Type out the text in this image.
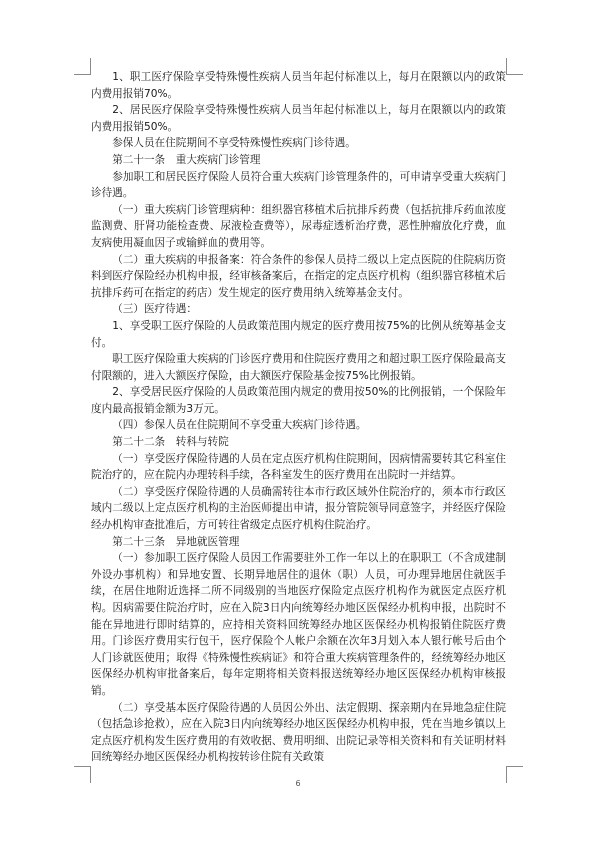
1、职工医疗保险享受特殊慢性疾病人员当年起付标准以上，每月在限额以内的政策内费用报销70%。

2、居民医疗保险享受特殊慢性疾病人员当年起付标准以上，每月在限额以内的政策内费用报销50%。

参保人员在住院期间不享受特殊慢性疾病门诊待遇。

第二十一条　重大疾病门诊管理

参加职工和居民医疗保险人员符合重大疾病门诊管理条件的，可申请享受重大疾病门诊待遇。

（一）重大疾病门诊管理病种：组织器官移植术后抗排斥药费（包括抗排斥药血浓度监测费、肝肾功能检查费、尿液检查费等），尿毒症透析治疗费，恶性肿瘤放化疗费，血友病使用凝血因子或输鲜血的费用等。

（二）重大疾病的申报备案：符合条件的参保人员持二级以上定点医院的住院病历资料到医疗保险经办机构申报，经审核备案后，在指定的定点医疗机构（组织器官移植术后抗排斥药可在指定的药店）发生规定的医疗费用纳入统筹基金支付。

（三）医疗待遇：

1、享受职工医疗保险的人员政策范围内规定的医疗费用按75%的比例从统筹基金支付。

职工医疗保险重大疾病的门诊医疗费用和住院医疗费用之和超过职工医疗保险最高支付限额的，进入大额医疗保险，由大额医疗保险基金按75%比例报销。

2、享受居民医疗保险的人员政策范围内规定的费用按50%的比例报销，一个保险年度内最高报销金额为3万元。

（四）参保人员在住院期间不享受重大疾病门诊待遇。

第二十二条　转科与转院

（一）享受医疗保险待遇的人员在定点医疗机构住院期间，因病情需要转其它科室住院治疗的，应在院内办理转科手续，各科室发生的医疗费用在出院时一并结算。

（二）享受医疗保险待遇的人员确需转往本市行政区域外住院治疗的，须本市行政区域内二级以上定点医疗机构的主治医师提出申请，报分管院领导同意签字，并经医疗保险经办机构审查批准后，方可转往省级定点医疗机构住院治疗。

第二十三条　异地就医管理

（一）参加职工医疗保险人员因工作需要驻外工作一年以上的在职职工（不含成建制外设办事机构）和异地安置、长期异地居住的退休（职）人员，可办理异地居住就医手续，在居住地附近选择二所不同级别的当地医疗保险定点医疗机构作为就医定点医疗机构。因病需要住院治疗时，应在入院3日内向统筹经办地区医保经办机构申报，出院时不能在异地进行即时结算的，应持相关资料回统筹经办地区医保经办机构报销住院医疗费用。门诊医疗费用实行包干，医疗保险个人帐户余额在次年3月划入本人银行帐号后由个人门诊就医使用；取得《特殊慢性疾病证》和符合重大疾病管理条件的，经统筹经办地区医保经办机构审批备案后，每年定期将相关资料报送统筹经办地区医保经办机构审核报销。

（二）享受基本医疗保险待遇的人员因公外出、法定假期、探亲期内在异地急症住院（包括急诊抢救），应在入院3日内向统筹经办地区医保经办机构申报，凭在当地乡镇以上定点医疗机构发生医疗费用的有效收据、费用明细、出院记录等相关资料和有关证明材料回统筹经办地区医保经办机构按转诊住院有关政策

6
